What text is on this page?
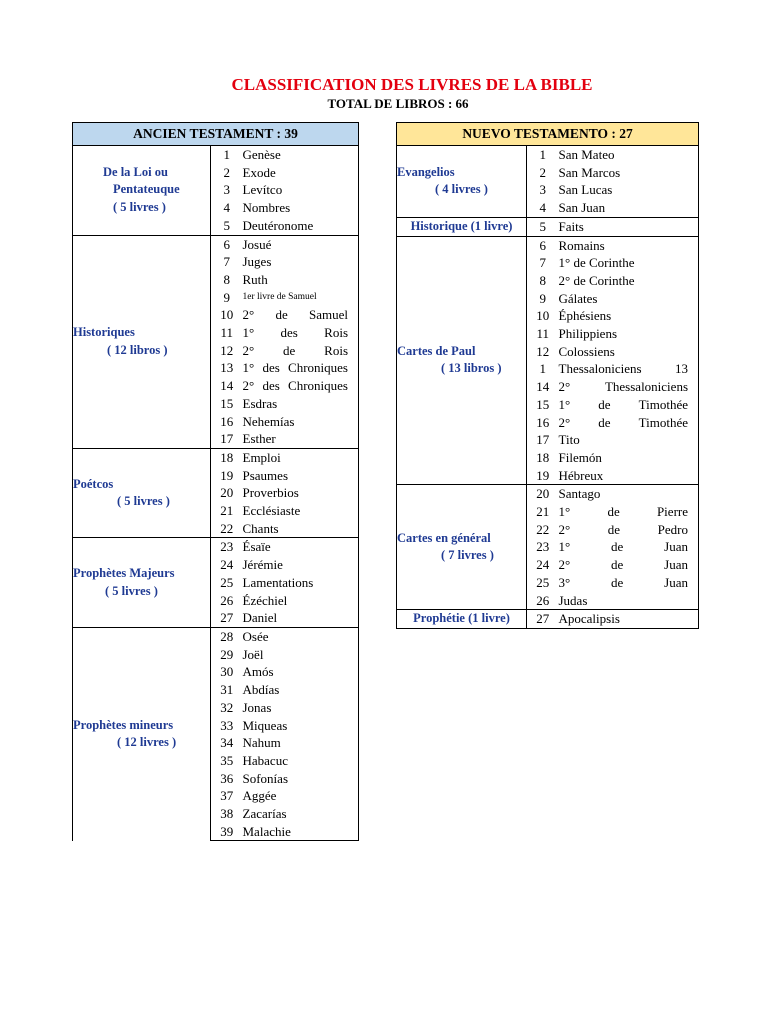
CLASSIFICATION DES LIVRES DE LA BIBLE
TOTAL DE LIBROS : 66
ANCIEN TESTAMENT : 39		

De la Loi ou
Pentateuque
( 5 livres )	1	Genèse
	2	Exode
	3	Levítco
	4	Nombres
	5	Deutéronome

Historiques
( 12 libros )	6	Josué
	7	Juges
	8	Ruth
	9	1er livre de Samuel
	10	2° de Samuel

	11	1° des Rois

	12	2° de Rois

	13	1° des Chroniques

	14	2° des Chroniques

	15	Esdras
	16	Nehemías
	17	Esther

Poétcos
( 5 livres )	18	Emploi
	19	Psaumes
	20	Proverbios
	21	Ecclésiaste
	22	Chants

Prophètes Majeurs
( 5 livres )	23	Ésaïe
	24	Jérémie
	25	Lamentations
	26	Ézéchiel
	27	Daniel

Prophètes mineurs
( 12 livres )	28	Osée
	29	Joël
	30	Amós
	31	Abdías
	32	Jonas
	33	Miqueas
	34	Nahum
	35	Habacuc
	36	Sofonías
	37	Aggée
	38	Zacarías
	39	Malachie
NUEVO TESTAMENTO : 27		

Evangelios
( 4 livres )	1	San Mateo
	2	San Marcos
	3	San Lucas
	4	San Juan

Historique (1 livre)	5	Faits

Cartes de Paul
( 13 libros )	6	Romains
	7	1° de Corinthe
	8	2° de Corinthe
	9	Gálates
	10	Éphésiens
	11	Philippiens
	12	Colossiens
	1	Thessaloniciens 13

	14	2° Thessaloniciens

	15	1° de Timothée

	16	2° de Timothée

	17	Tito
	18	Filemón
	19	Hébreux

Cartes en général
( 7 livres )	20	Santago
	21	1° de Pierre

	22	2° de Pedro

	23	1° de Juan

	24	2° de Juan

	25	3° de Juan

	26	Judas

Prophétie (1 livre)	27	Apocalipsis
